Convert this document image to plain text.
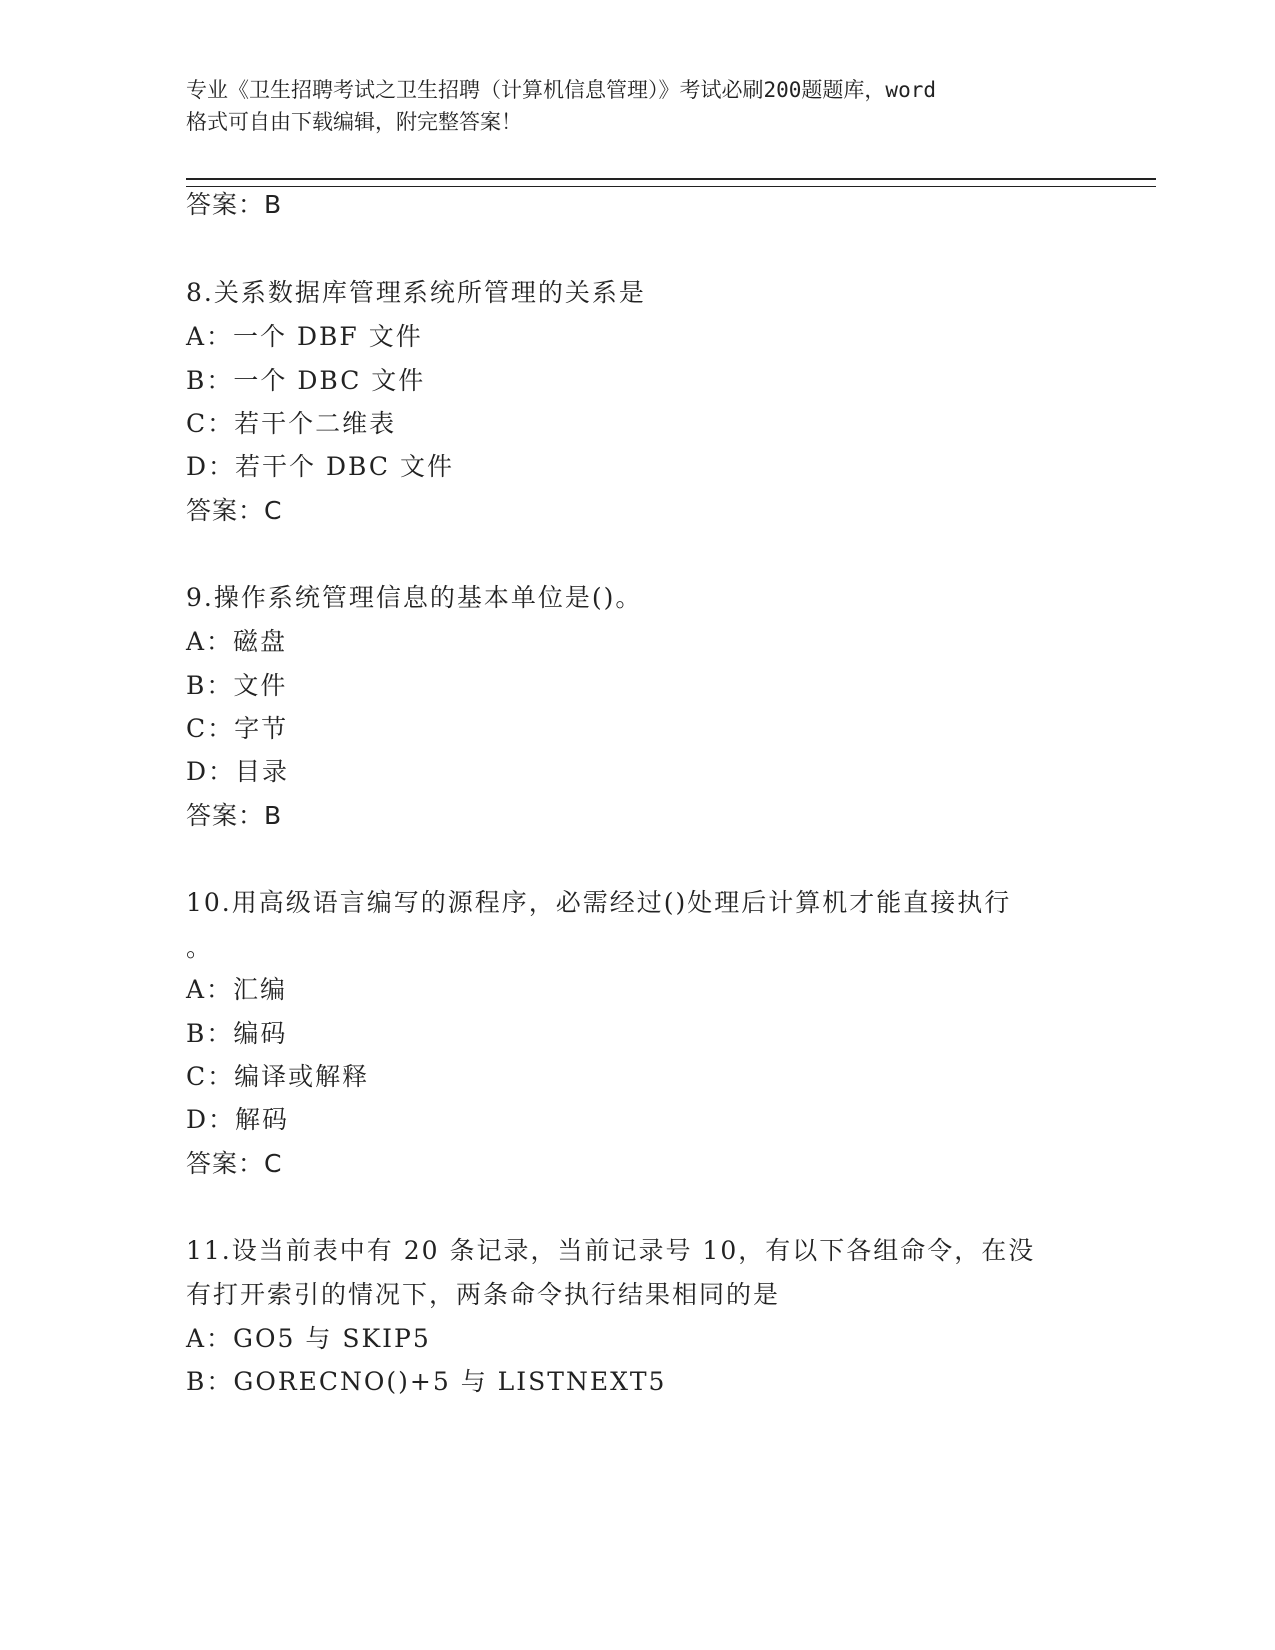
专业《卫生招聘考试之卫生招聘（计算机信息管理）》考试必刷200题题库，word
格式可自由下载编辑，附完整答案！
答案：B
8.关系数据库管理系统所管理的关系是
A：一个 DBF 文件
B：一个 DBC 文件
C：若干个二维表
D：若干个 DBC 文件
答案：C
9.操作系统管理信息的基本单位是()。
A：磁盘
B：文件
C：字节
D：目录
答案：B
10.用高级语言编写的源程序，必需经过()处理后计算机才能直接执行
。
A：汇编
B：编码
C：编译或解释
D：解码
答案：C
11.设当前表中有 20 条记录，当前记录号 10，有以下各组命令，在没
有打开索引的情况下，两条命令执行结果相同的是
A：GO5 与 SKIP5
B：GORECNO()+5 与 LISTNEXT5
